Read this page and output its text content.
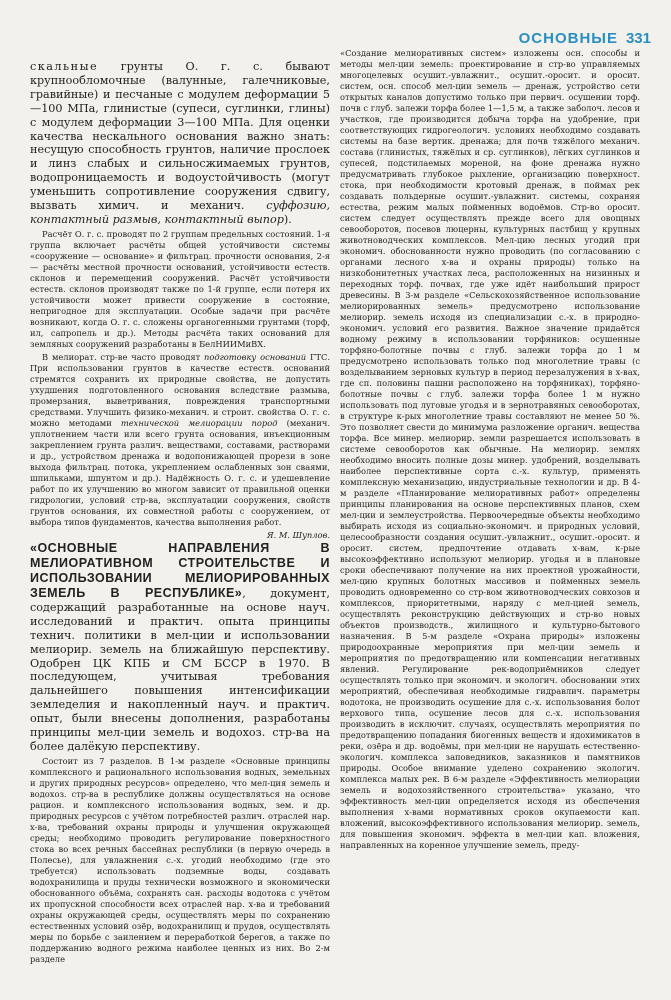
ОСНОВНЫЕ 331

скальные грунты О. г. с. бывают крупнообломочные (валунные, галечниковые, гравийные) и песчаные с модулем деформации 5—100 МПа, глинистые (супеси, суглинки, глины) с модулем деформации 3—100 МПа. Для оценки качества нескального основания важно знать: несущую способность грунтов, наличие прослоек и линз слабых и сильносжимаемых грунтов, водопроницаемость и водоустойчивость (могут уменьшить сопротивление сооружения сдвигу, вызвать химич. и механич. суффозию, контактный размыв, контактный выпор).

Расчёт О. г. с. проводят по 2 группам предельных состояний. 1-я группа включает расчёты общей устойчивости системы «сооружение — основание» и фильтрац. прочности основания, 2-я — расчёты местной прочности оснований, устойчивости естеств. склонов и перемещений сооружений. Расчёт устойчивости естеств. склонов производят также по 1-й группе, если потеря их устойчивости может привести сооружение в состояние, непригодное для эксплуатации. Особые задачи при расчёте возникают, когда О. г. с. сложены органогенными грунтами (торф, ил, сапропель и др.). Методы расчёта таких оснований для земляных сооружений разработаны в БелНИИМиВХ.

В мелиорат. стр-ве часто проводят подготовку оснований ГТС. При использовании грунтов в качестве естеств. оснований стремятся сохранить их природные свойства, не допустить ухудшения подготовленного основания вследствие размыва, промерзания, выветривания, повреждения транспортными средствами. Улучшить физико-механич. и строит. свойства О. г. с. можно методами технической мелиорации пород (механич. уплотнением части или всего грунта основания, инъекционным закреплением грунта различ. веществами, составами, растворами и др., устройством дренажа и водопонижающей прорези в зоне выхода фильтрац. потока, укреплением ослабленных зон сваями, шпильками, шпунтом и др.). Надёжность О. г. с. и удешевление работ по их улучшению во многом зависит от правильной оценки гидрологии, условий стр-ва, эксплуатации сооружения, свойств грунтов основания, их совместной работы с сооружением, от выбора типов фундаментов, качества выполнения работ.

Я. М. Шуплов.

«ОСНОВНЫЕ НАПРАВЛЕНИЯ В МЕЛИОРАТИВНОМ СТРОИТЕЛЬСТВЕ И ИСПОЛЬЗОВАНИИ МЕЛИОРИРОВАННЫХ ЗЕМЕЛЬ В РЕСПУБЛИКЕ», документ, содержащий разработанные на основе науч. исследований и практич. опыта принципы технич. политики в мел-ции и использовании мелиорир. земель на ближайшую перспективу. Одобрен ЦК КПБ и СМ БССР в 1970. В последующем, учитывая требования дальнейшего повышения интенсификации земледелия и накопленный науч. и практич. опыт, были внесены дополнения, разработаны принципы мел-ции земель и водохоз. стр-ва на более далёкую перспективу.

Состоит из 7 разделов. В 1-м разделе «Основные принципы комплексного и рационального использования водных, земельных и других природных ресурсов» определено, что мел-ция земель и водохоз. стр-ва в республике должны осуществляться на основе рацион. и комплексного использования водных, зем. и др. природных ресурсов с учётом потребностей различ. отраслей нар. х-ва, требований охраны природы и улучшения окружающей среды; необходимо проводить регулирование поверхностного стока во всех речных бассейнах республики (в первую очередь в Полесье), для увлажнения с.-х. угодий необходимо (где это требуется) использовать подземные воды, создавать водохранилища и пруды технически возможного и экономически обоснованного объёма, сохранять сан. расходы водотока с учётом их пропускной способности всех отраслей нар. х-ва и требований охраны окружающей среды, осуществлять меры по сохранению естественных условий озёр, водохранилищ и прудов, осуществлять меры по борьбе с заилением и переработкой берегов, а также по поддержанию водного режима наиболее ценных из них. Во 2-м разделе

«Создание мелиоративных систем» изложены осн. способы и методы мел-ции земель: проектирование и стр-во управляемых многоцелевых осушит.-увлажнит., осушит.-оросит. и оросит. систем, осн. способ мел-ции земель — дренаж, устройство сети открытых каналов допустимо только при первич. осушении торф. почв с глуб. залежи торфа более 1—1,5 м, а также заболоч. лесов и участков, где производится добыча торфа на удобрение, при соответствующих гидрогеологич. условиях необходимо создавать системы на базе вертик. дренажа; для почв тяжёлого механич. состава (глинистых, тяжёлых и ср. суглинков), лёгких суглинков и супесей, подстилаемых мореной, на фоне дренажа нужно предусматривать глубокое рыхление, организацию поверхност. стока, при необходимости кротовый дренаж, в поймах рек создавать польдерные осушит.-увлажнит. системы, сохраняя естества, режим малых пойменных водоёмов. Стр-во оросит. систем следует осуществлять прежде всего для овощных севооборотов, посевов люцерны, культурных пастбищ у крупных животноводческих комплексов. Мел-цию лесных угодий при экономич. обоснованности нужно проводить (по согласованию с органами лесного х-ва и охраны природы) только на низкобонитетных участках леса, расположенных на низинных и переходных торф. почвах, где уже идёт наибольший прирост древесины. В 3-м разделе «Сельскохозяйственное использование мелиорированных земель» предусмотрено использование мелиорир. земель исходя из специализации с.-х. в природно-экономич. условий его развития. Важное значение придаётся водному режиму в использовании торфяников: осушенные торфяно-болотные почвы с глуб. залежи торфа до 1 м предусмотрено использовать только под многолетние травы (с возделыванием зерновых культур в период перезалужения в х-вах, где сп. половины пашни расположено на торфяниках), торфяно-болотные почвы с глуб. залежи торфа более 1 м нужно использовать под луговые угодья и в зернотравяных севооборотах, в структуре к-рых многолетние травы составляют не менее 50 %. Это позволяет свести до минимума разложение органич. вещества торфа. Все минер. мелиорир. земли разрешается использовать в системе севооборотов как обычные. На мелиорир. землях необходимо вносить полные дозы минер. удобрений, возделывать наиболее перспективные сорта с.-х. культур, применять комплексную механизацию, индустриальные технологии и др. В 4-м разделе «Планирование мелиоративных работ» определены принципы планирования на основе перспективных планов, схем мел-ции и землеустройства. Первоочередные объекты необходимо выбирать исходя из социально-экономич. и природных условий, целесообразности создания осушит.-увлажнит., осушит.-оросит. и оросит. систем, предпочтение отдавать х-вам, к-рые высокоэффективно используют мелиорир. угодья и в плановые сроки обеспечивают получение на них проектной урожайности, мел-цию крупных болотных массивов и пойменных земель проводить одновременно со стр-вом животноводческих совхозов и комплексов, приоритетными, наряду с мел-цией земель, осуществлять реконструкцию действующих и стр-во новых объектов производств., жилищного и культурно-бытового назначения. В 5-м разделе «Охрана природы» изложены природоохранные мероприятия при мел-ции земель и мероприятия по предотвращению или компенсации негативных явлений. Регулирование рек-водоприёмников следует осуществлять только при экономич. и экологич. обосновании этих мероприятий, обеспечивая необходимые гидравлич. параметры водотока, не производить осушение для с.-х. использования болот верхового типа, осушение лесов для с.-х. использования производить в исключит. случаях, осуществлять мероприятия по предотвращению попадания биогенных веществ и ядохимикатов в реки, озёра и др. водоёмы, при мел-ции не нарушать естественно-экологич. комплекса заповедников, заказников и памятников природы. Особое внимание уделено сохранению экологич. комплекса малых рек. В 6-м разделе «Эффективность мелиорации земель и водохозяйственного строительства» указано, что эффективность мел-ции определяется исходя из обеспечения выполнения х-вами нормативных сроков окупаемости кап. вложений, высокоэффективного использования мелиорир. земель, для повышения экономич. эффекта в мел-ции кап. вложения, направленных на коренное улучшение земель, преду-
